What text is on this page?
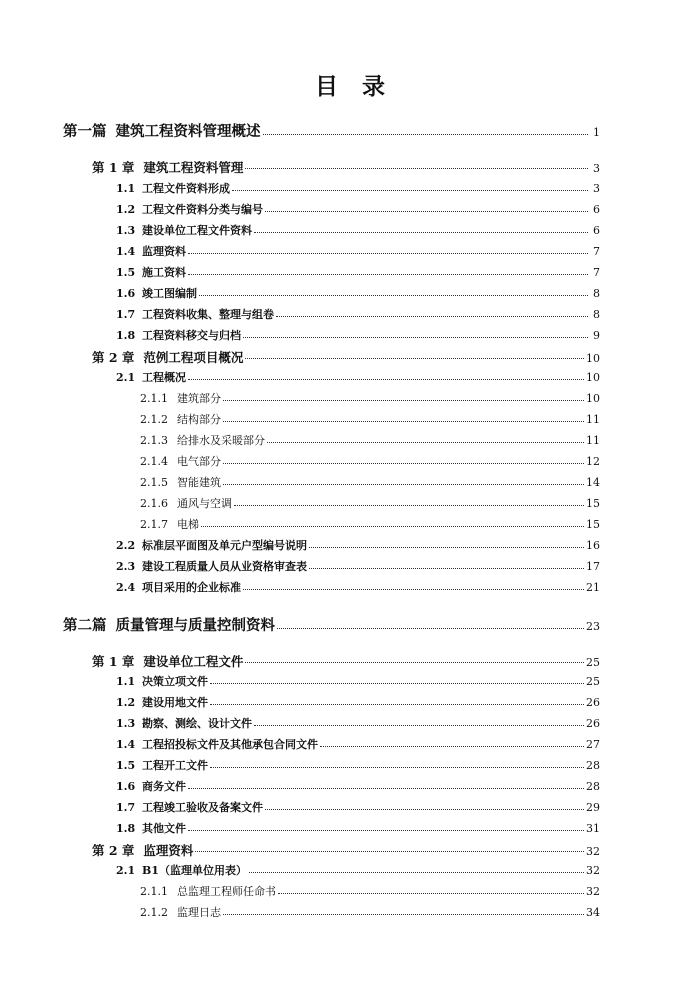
目 录
第一篇 建筑工程资料管理概述	1
第 1 章 建筑工程资料管理	3
1.1 工程文件资料形成	3
1.2 工程文件资料分类与编号	6
1.3 建设单位工程文件资料	6
1.4 监理资料	7
1.5 施工资料	7
1.6 竣工图编制	8
1.7 工程资料收集、整理与组卷	8
1.8 工程资料移交与归档	9
第 2 章 范例工程项目概况	10
2.1 工程概况	10
2.1.1 建筑部分	10
2.1.2 结构部分	11
2.1.3 给排水及采暖部分	11
2.1.4 电气部分	12
2.1.5 智能建筑	14
2.1.6 通风与空调	15
2.1.7 电梯	15
2.2 标准层平面图及单元户型编号说明	16
2.3 建设工程质量人员从业资格审查表	17
2.4 项目采用的企业标准	21
第二篇 质量管理与质量控制资料	23
第 1 章 建设单位工程文件	25
1.1 决策立项文件	25
1.2 建设用地文件	26
1.3 勘察、测绘、设计文件	26
1.4 工程招投标文件及其他承包合同文件	27
1.5 工程开工文件	28
1.6 商务文件	28
1.7 工程竣工验收及备案文件	29
1.8 其他文件	31
第 2 章 监理资料	32
2.1 B1（监理单位用表）	32
2.1.1 总监理工程师任命书	32
2.1.2 监理日志	34
